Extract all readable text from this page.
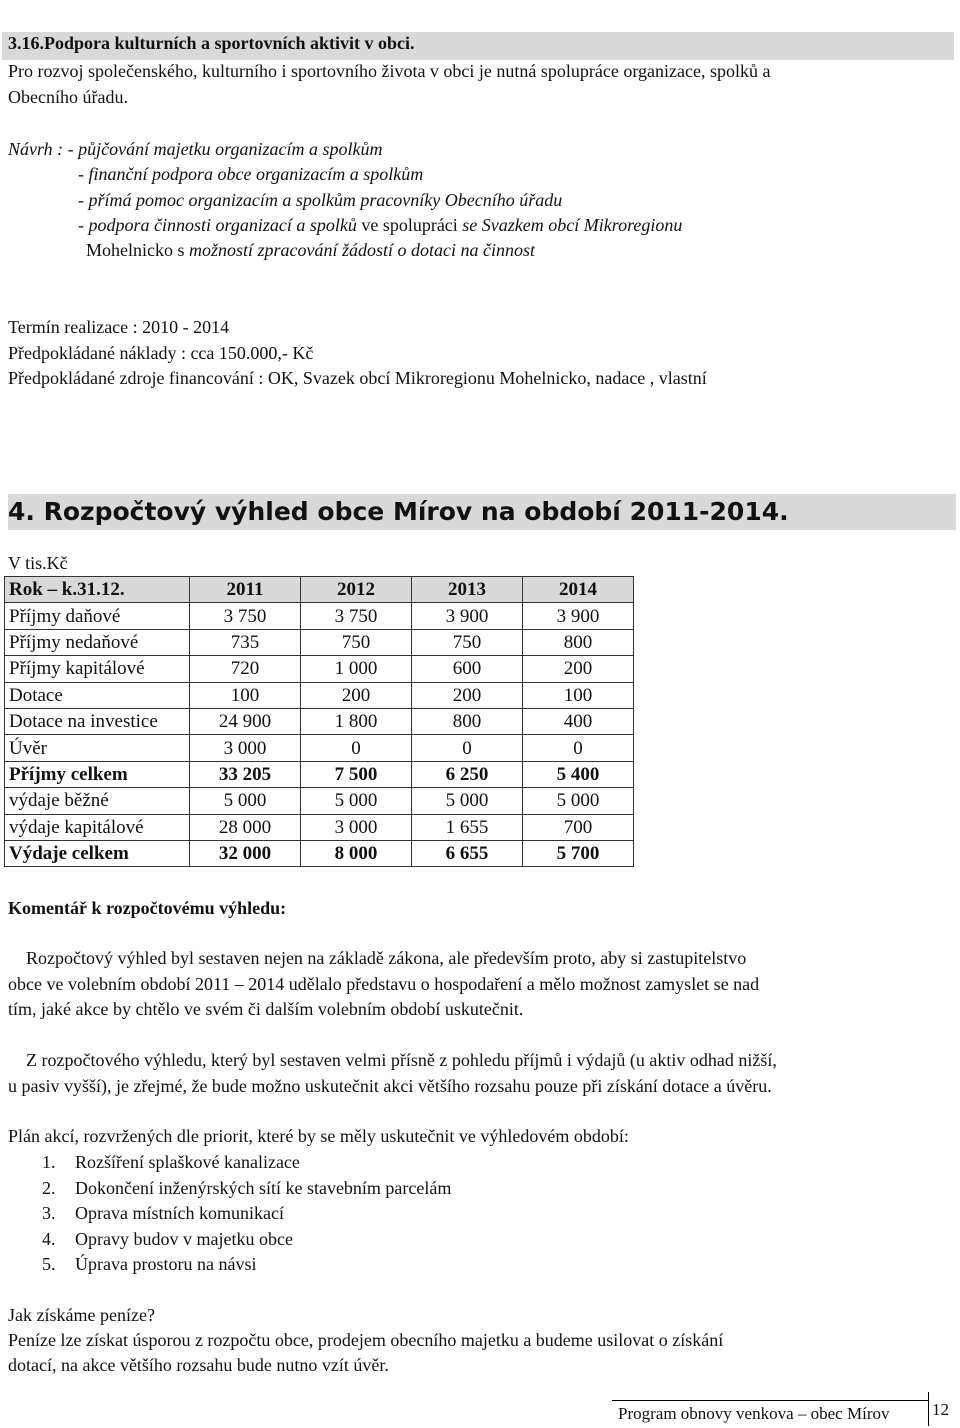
3.16.Podpora kulturních a sportovních aktivit v obci.
Pro rozvoj společenského, kulturního i sportovního života v obci je nutná spolupráce organizace, spolků a
Obecního úřadu.
Návrh : - půjčování majetku organizacím a spolkům
- finanční podpora obce organizacím a spolkům
- přímá pomoc organizacím a spolkům pracovníky Obecního úřadu
- podpora činnosti organizací a spolků ve spolupráci se Svazkem obcí Mikroregionu
Mohelnicko s možností zpracování žádostí o dotaci na činnost
Termín realizace : 2010 - 2014
Předpokládané náklady : cca 150.000,- Kč
Předpokládané zdroje financování : OK, Svazek obcí Mikroregionu Mohelnicko, nadace , vlastní
4. Rozpočtový výhled obce Mírov na období 2011-2014.
V tis.Kč
Rok – k.31.12.	2011	2012	2013	2014
Příjmy daňové	3 750	3 750	3 900	3 900
Příjmy nedaňové	735	750	750	800
Příjmy kapitálové	720	1 000	600	200
Dotace	100	200	200	100
Dotace na investice	24 900	1 800	800	400
Úvěr	3 000	0	0	0
Příjmy celkem	33 205	7 500	6 250	5 400
výdaje běžné	5 000	5 000	5 000	5 000
výdaje kapitálové	28 000	3 000	1 655	700
Výdaje celkem	32 000	8 000	6 655	5 700
Komentář k rozpočtovému výhledu:
Rozpočtový výhled byl sestaven nejen na základě zákona, ale především proto, aby si zastupitelstvo
obce ve volebním období 2011 – 2014 udělalo představu o hospodaření a mělo možnost zamyslet se nad
tím, jaké akce by chtělo ve svém či dalším volebním období uskutečnit.
Z rozpočtového výhledu, který byl sestaven velmi přísně z pohledu příjmů i výdajů (u aktiv odhad nižší,
u pasiv vyšší), je zřejmé, že bude možno uskutečnit akci většího rozsahu pouze při získání dotace a úvěru.
Plán akcí, rozvržených dle priorit, které by se měly uskutečnit ve výhledovém období:
1. Rozšíření splaškové kanalizace
2. Dokončení inženýrských sítí ke stavebním parcelám
3. Oprava místních komunikací
4. Opravy budov v majetku obce
5. Úprava prostoru na návsi
Jak získáme peníze?
Peníze lze získat úsporou z rozpočtu obce, prodejem obecního majetku a budeme usilovat o získání
dotací, na akce většího rozsahu bude nutno vzít úvěr.
Program obnovy venkova – obec Mírov	12
